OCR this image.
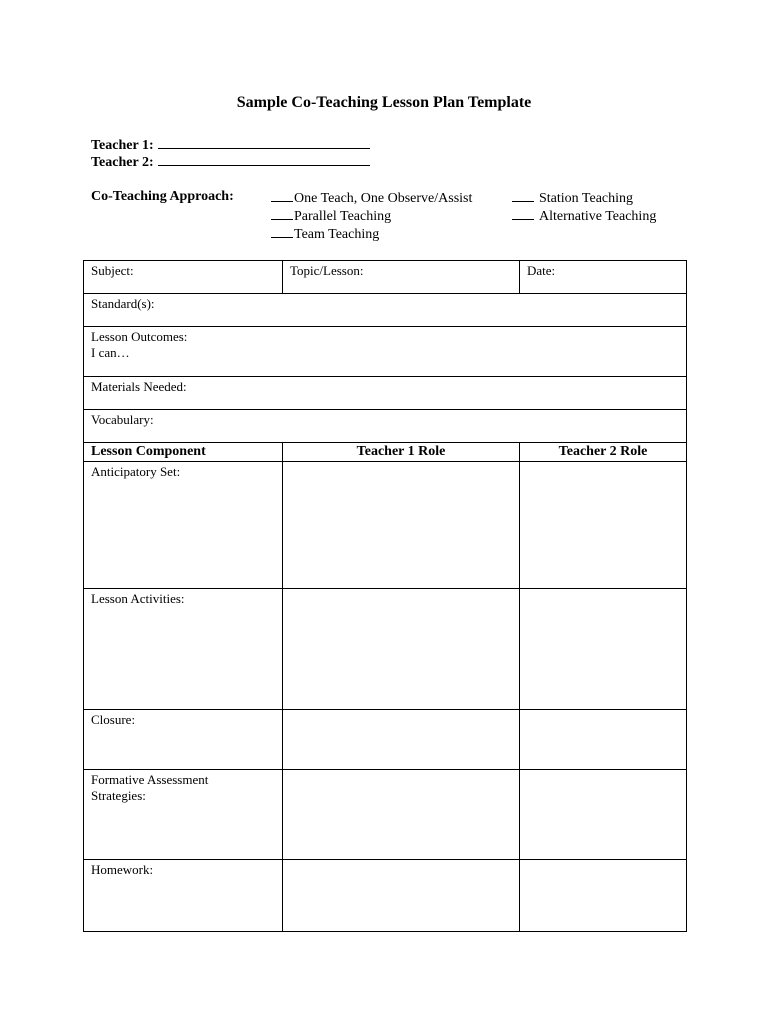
Sample Co-Teaching Lesson Plan Template
Teacher 1:
Teacher 2:
Co-Teaching Approach:	One Teach, One Observe/Assist
Parallel Teaching
Team Teaching
Station Teaching
Alternative Teaching
Subject:	Topic/Lesson:	Date:
Standard(s):		

Lesson Outcomes:
I can…		

Materials Needed:		
Vocabulary:		
Lesson Component	Teacher 1 Role	Teacher 2 Role
Anticipatory Set:		
Lesson Activities:		
Closure:		

Formative Assessment Strategies:		

Homework:		
